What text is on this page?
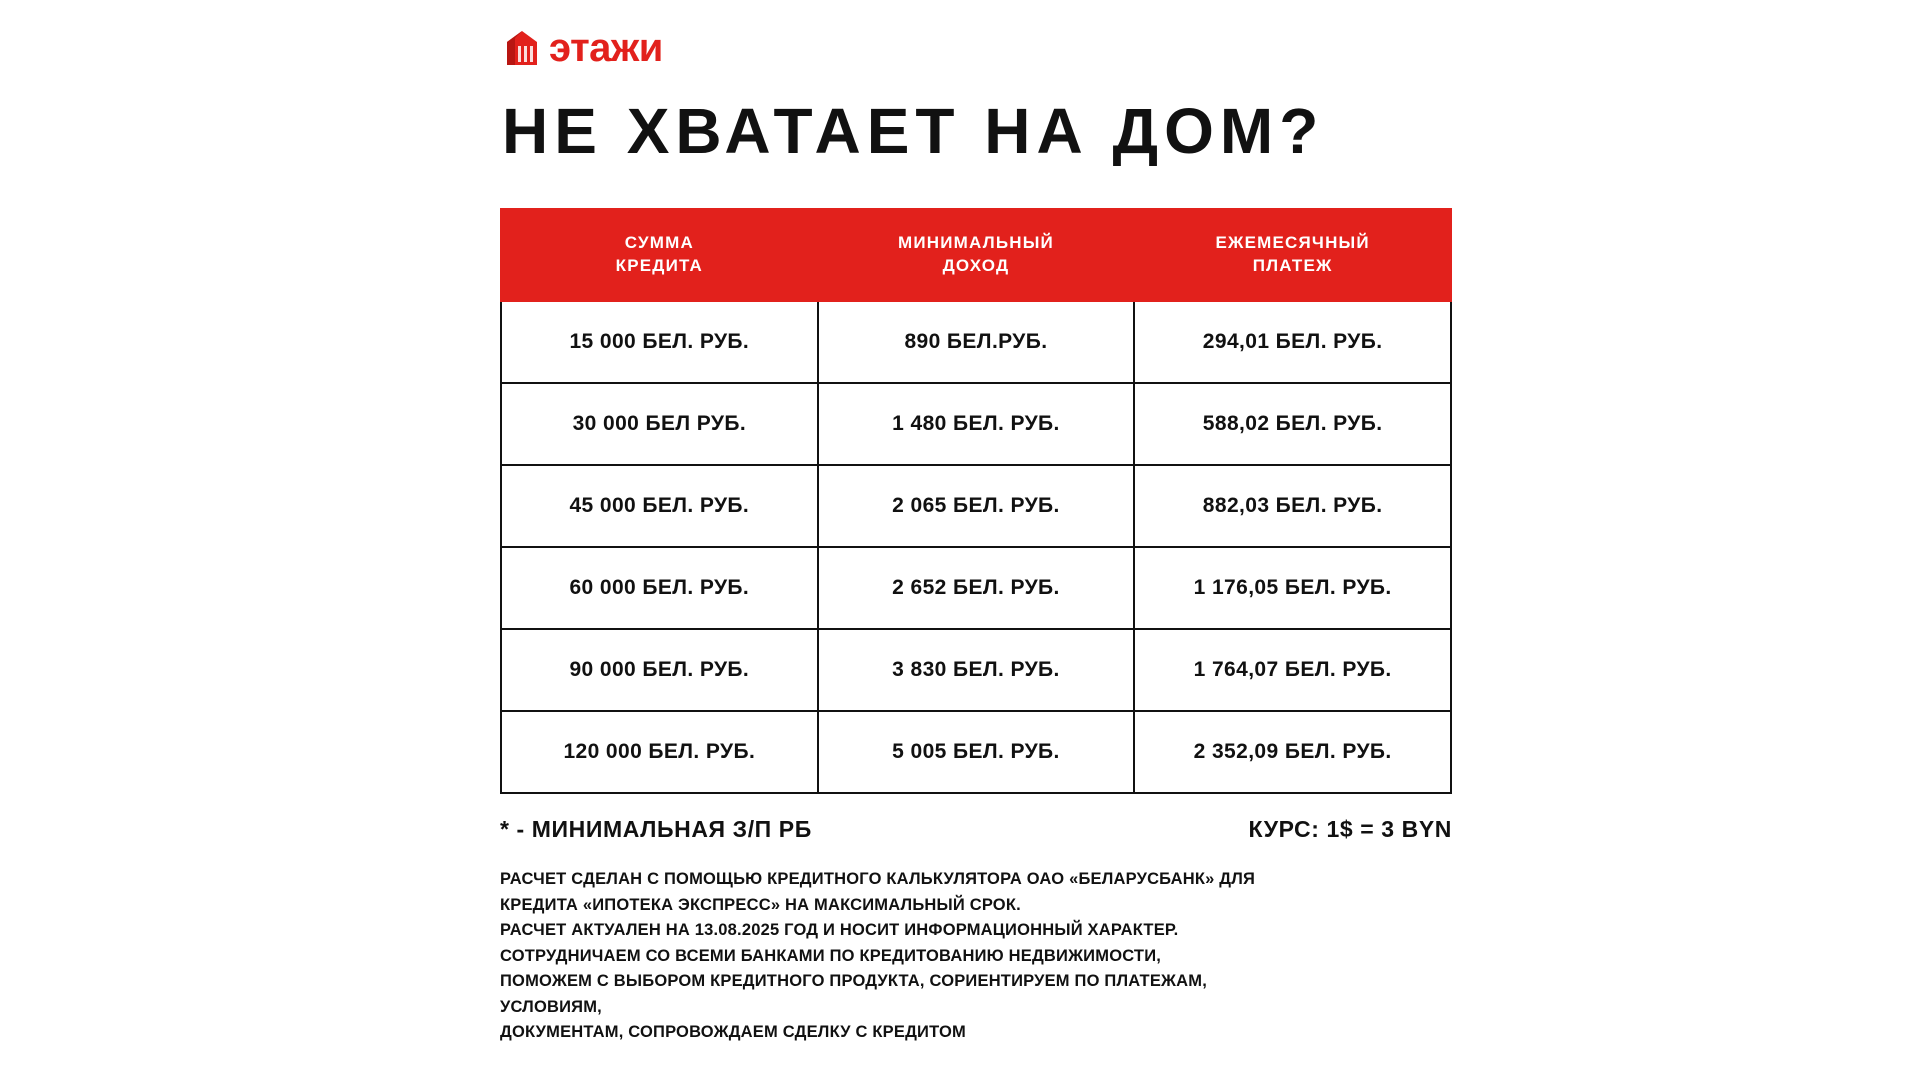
этажи
НЕ ХВАТАЕТ НА ДОМ?
СУММА
КРЕДИТА

МИНИМАЛЬНЫЙ
ДОХОД

ЕЖЕМЕСЯЧНЫЙ
ПЛАТЕЖ

15 000 БЕЛ. РУБ.	890 БЕЛ.РУБ.	294,01 БЕЛ. РУБ.
30 000 БЕЛ РУБ.	1 480 БЕЛ. РУБ.	588,02 БЕЛ. РУБ.
45 000 БЕЛ. РУБ.	2 065 БЕЛ. РУБ.	882,03 БЕЛ. РУБ.
60 000 БЕЛ. РУБ.	2 652 БЕЛ. РУБ.	1 176,05 БЕЛ. РУБ.
90 000 БЕЛ. РУБ.	3 830 БЕЛ. РУБ.	1 764,07 БЕЛ. РУБ.
120 000 БЕЛ. РУБ.	5 005 БЕЛ. РУБ.	2 352,09 БЕЛ. РУБ.
* - МИНИМАЛЬНАЯ З/П РБ	КУРС: 1$ = 3 BYN

РАСЧЕТ СДЕЛАН С ПОМОЩЬЮ КРЕДИТНОГО КАЛЬКУЛЯТОРА ОАО «БЕЛАРУСБАНК» ДЛЯ

КРЕДИТА «ИПОТЕКА ЭКСПРЕСС» НА МАКСИМАЛЬНЫЙ СРОК.

РАСЧЕТ АКТУАЛЕН НА 13.08.2025 ГОД И НОСИТ ИНФОРМАЦИОННЫЙ ХАРАКТЕР.

СОТРУДНИЧАЕМ СО ВСЕМИ БАНКАМИ ПО КРЕДИТОВАНИЮ НЕДВИЖИМОСТИ,

ПОМОЖЕМ С ВЫБОРОМ КРЕДИТНОГО ПРОДУКТА, СОРИЕНТИРУЕМ ПО ПЛАТЕЖАМ,

УСЛОВИЯМ,

ДОКУМЕНТАМ, СОПРОВОЖДАЕМ СДЕЛКУ С КРЕДИТОМ
